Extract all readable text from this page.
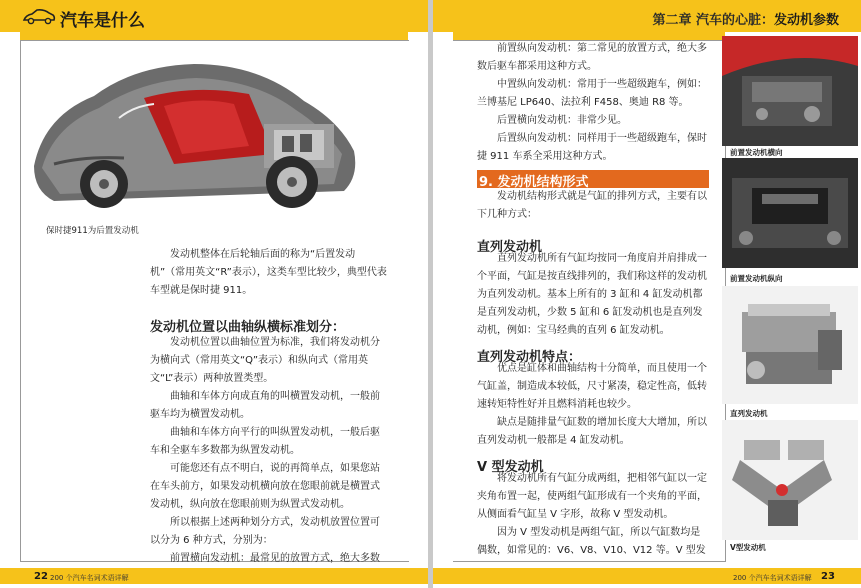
汽车是什么
保时捷911为后置发动机

发动机整体在后轮轴后面的称为“后置发动机”（常用英文“R”表示），这类车型比较少，典型代表车型就是保时捷 911。

发动机位置以曲轴纵横标准划分：

发动机位置以曲轴位置为标准，我们将发动机分为横向式（常用英文“Q”表示）和纵向式（常用英文“L”表示）两种放置类型。

曲轴和车体方向成直角的叫横置发动机，一般前驱车均为横置发动机。

曲轴和车体方向平行的叫纵置发动机，一般后驱车和全驱车多数都为纵置发动机。

可能您还有点不明白，说的再简单点，如果您站在车头前方，如果发动机横向放在您眼前就是横置式发动机，纵向放在您眼前则为纵置式发动机。

所以根据上述两种划分方式，发动机放置位置可以分为 6 种方式，分别为：

前置横向发动机：最常见的放置方式，绝大多数

22 200 个汽车名词术语详解
第二章 汽车的心脏：发动机参数

前置纵向发动机：第二常见的放置方式，绝大多数后驱车都采用这种方式。

中置纵向发动机：常用于一些超级跑车，例如：兰博基尼 LP640、法拉利 F458、奥迪 R8 等。

后置横向发动机：非常少见。

后置纵向发动机：同样用于一些超级跑车，保时捷 911 车系全采用这种方式。

9. 发动机结构形式

发动机结构形式就是气缸的排列方式，主要有以下几种方式：

直列发动机

直列发动机所有气缸均按同一角度肩并肩排成一个平面，气缸是按直线排列的，我们称这样的发动机为直列发动机。基本上所有的 3 缸和 4 缸发动机都是直列发动机，少数 5 缸和 6 缸发动机也是直列发动机，例如：宝马经典的直列 6 缸发动机。

直列发动机特点：

优点是缸体和曲轴结构十分简单，而且使用一个气缸盖，制造成本较低，尺寸紧凑，稳定性高，低转速转矩特性好并且燃料消耗也较少。

缺点是随排量气缸数的增加长度大大增加，所以直列发动机一般都是 4 缸发动机。

V 型发动机

将发动机所有气缸分成两组，把相邻气缸以一定夹角布置一起，使两组气缸形成有一个夹角的平面，从侧面看气缸呈 V 字形，故称 V 型发动机。

因为 V 型发动机是两组气缸，所以气缸数均是偶数，如常见的：V6、V8、V10、V12 等。V 型发

前置发动机横向
前置发动机纵向
直列发动机
V型发动机
200 个汽车名词术语详解 23
